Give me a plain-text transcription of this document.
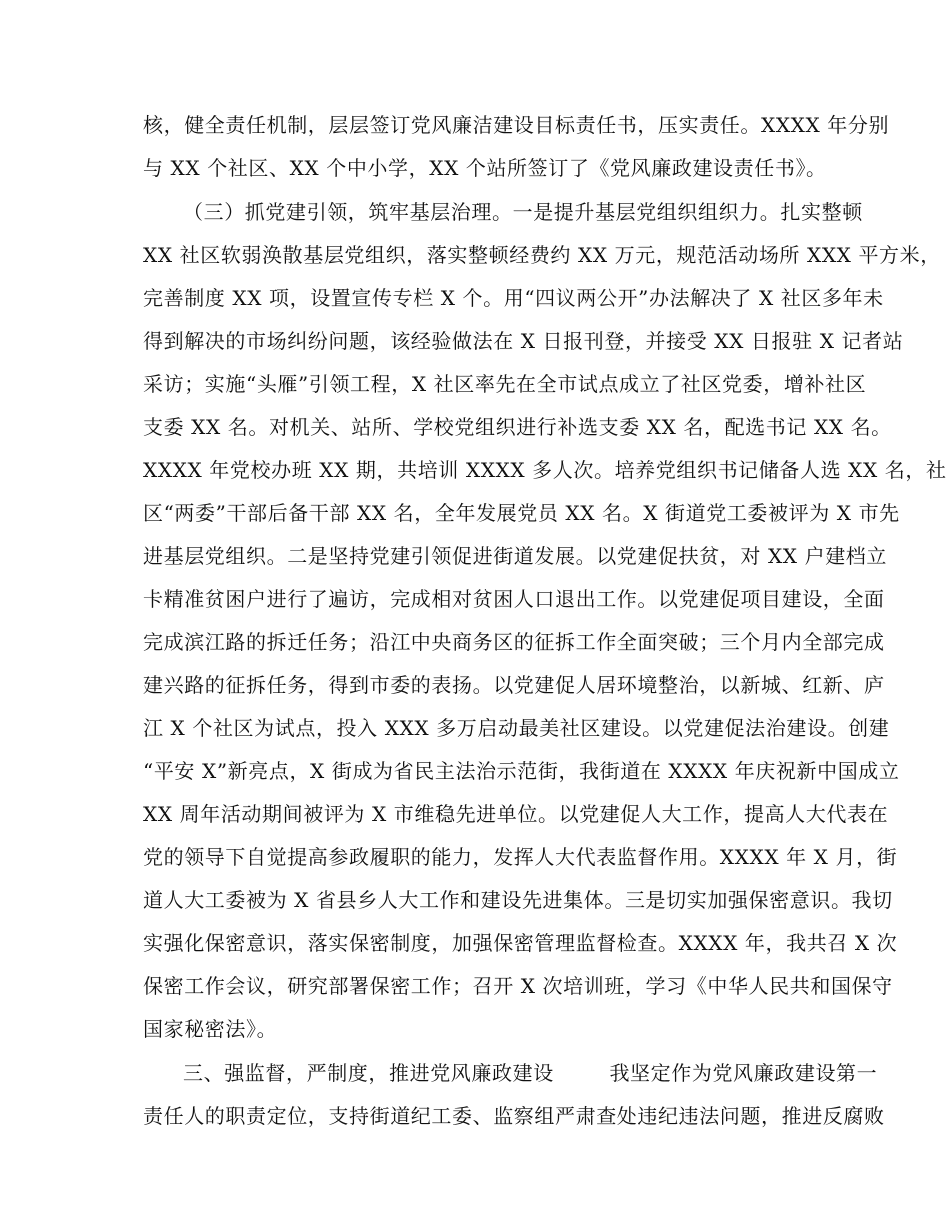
核，健全责任机制，层层签订党风廉洁建设目标责任书，压实责任。XXXX 年分别
与 XX 个社区、XX 个中小学，XX 个站所签订了《党风廉政建设责任书》。
（三）抓党建引领，筑牢基层治理。一是提升基层党组织组织力。扎实整顿
XX 社区软弱涣散基层党组织，落实整顿经费约 XX 万元，规范活动场所 XXX 平方米，
完善制度 XX 项，设置宣传专栏 X 个。用“四议两公开”办法解决了 X 社区多年未
得到解决的市场纠纷问题，该经验做法在 X 日报刊登，并接受 XX 日报驻 X 记者站
采访；实施“头雁”引领工程，X 社区率先在全市试点成立了社区党委，增补社区
支委 XX 名。对机关、站所、学校党组织进行补选支委 XX 名，配选书记 XX 名。
XXXX 年党校办班 XX 期，共培训 XXXX 多人次。培养党组织书记储备人选 XX 名，社
区“两委”干部后备干部 XX 名，全年发展党员 XX 名。X 街道党工委被评为 X 市先
进基层党组织。二是坚持党建引领促进街道发展。以党建促扶贫，对 XX 户建档立
卡精准贫困户进行了遍访，完成相对贫困人口退出工作。以党建促项目建设，全面
完成滨江路的拆迁任务；沿江中央商务区的征拆工作全面突破；三个月内全部完成
建兴路的征拆任务，得到市委的表扬。以党建促人居环境整治，以新城、红新、庐
江 X 个社区为试点，投入 XXX 多万启动最美社区建设。以党建促法治建设。创建
“平安 X”新亮点，X 街成为省民主法治示范街，我街道在 XXXX 年庆祝新中国成立
XX 周年活动期间被评为 X 市维稳先进单位。以党建促人大工作，提高人大代表在
党的领导下自觉提高参政履职的能力，发挥人大代表监督作用。XXXX 年 X 月，街
道人大工委被为 X 省县乡人大工作和建设先进集体。三是切实加强保密意识。我切
实强化保密意识，落实保密制度，加强保密管理监督检查。XXXX 年，我共召 X 次
保密工作会议，研究部署保密工作；召开 X 次培训班，学习《中华人民共和国保守
国家秘密法》。
三、强监督，严制度，推进党风廉政建设        我坚定作为党风廉政建设第一
责任人的职责定位，支持街道纪工委、监察组严肃查处违纪违法问题，推进反腐败
